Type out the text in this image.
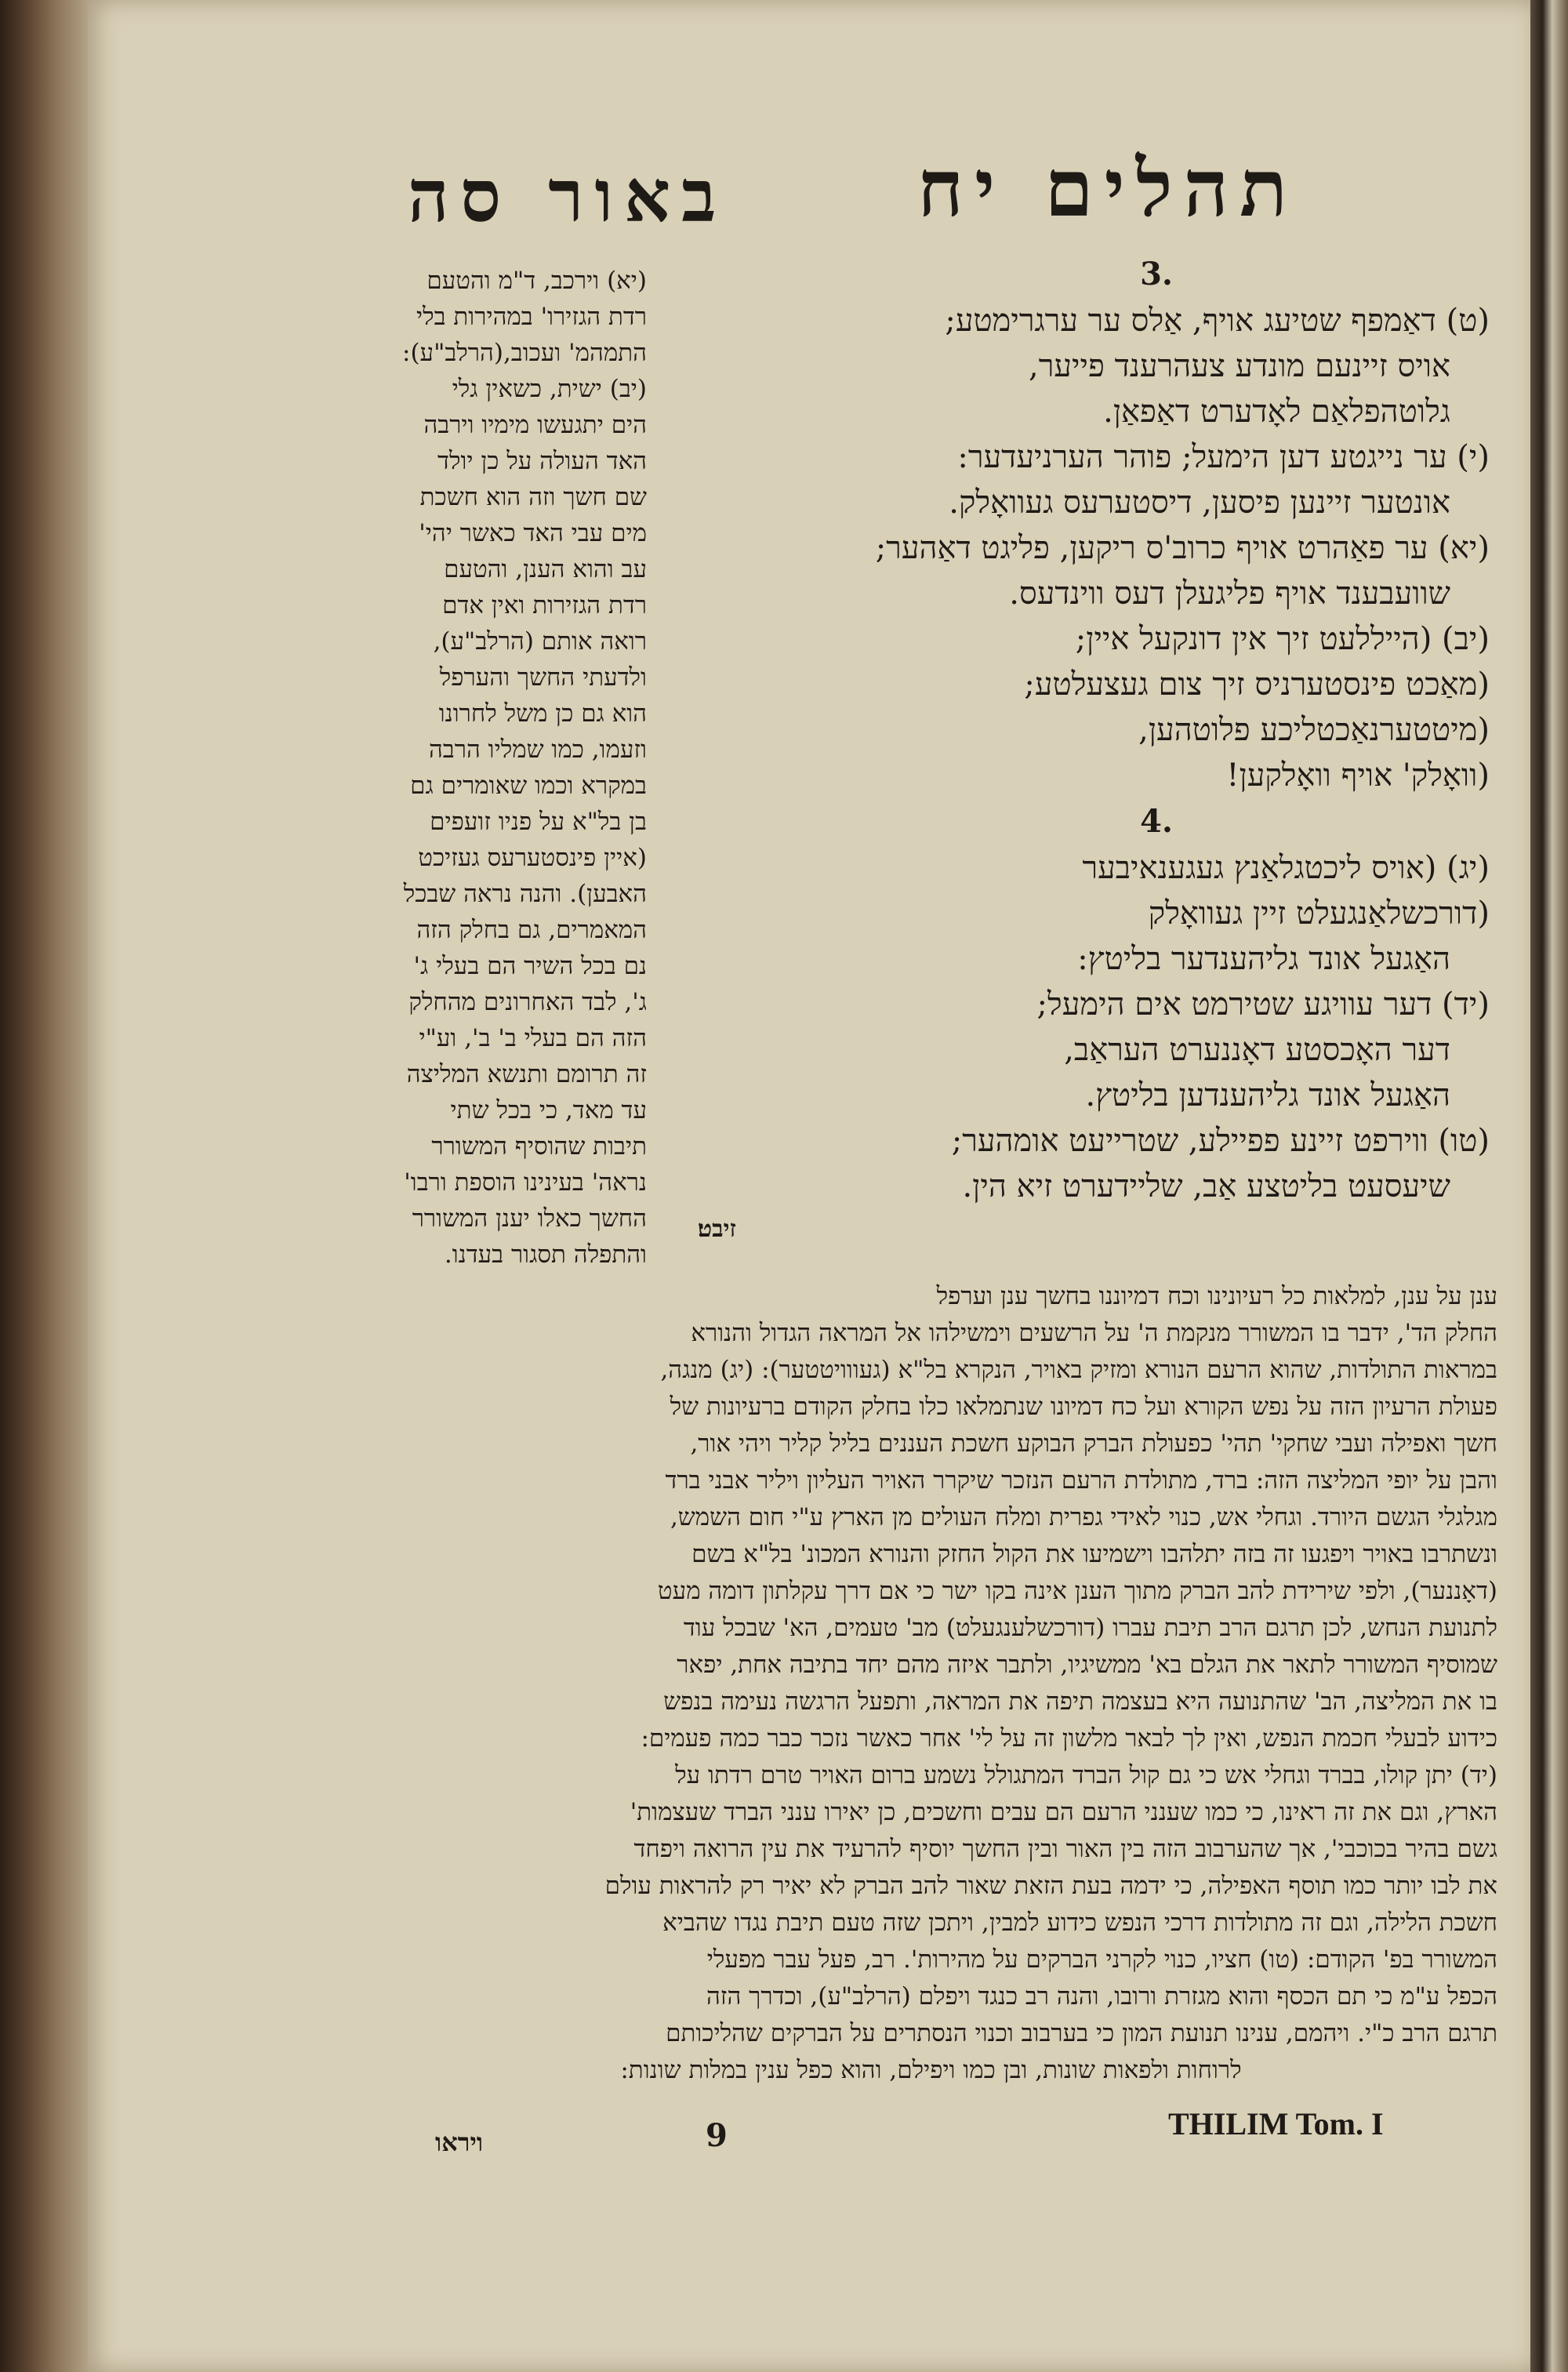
באור סה תהלים יח
3.
(ט) דאַמפף שטיעג אויף, אַלס ער ערגרימטע;
אויס זיינעם מונדע צעהרענד פייער,
גלוטהפלאַם לאָדערט דאַפאַן.
(י) ער נייגטע דען הימעל; פוהר הערניעדער:
אונטער זיינען פיסען, דיסטערעס געוואָלק.
(יא) ער פאַהרט אויף כרוב'ס ריקען, פליגט דאַהער;
שוועבענד אויף פליגעלן דעס ווינדעס.
(יב) (הייללעט זיך אין דונקעל איין;
(מאַכט פינסטערניס זיך צום געצעלטע;
(מיטטערנאַכטליכע פלוטהען,
(וואָלק' אויף וואָלקען!
4.
(יג) (אויס ליכטגלאַנץ געגענאיבער
(דורכשלאַנגעלט זיין געוואָלק
האַגעל אונד גליהענדער בליטץ:
(יד) דער עוויגע שטירמט אים הימעל;
דער האָכסטע דאָננערט העראַב,
האַגעל אונד גליהענדען בליטץ.
(טו) ווירפט זיינע פפיילע, שטרייעט אומהער;
שיעסעט בליטצע אַב, שליידערט זיא הין.
זיבט׃
(יא) וירכב, ד"מ והטעם
רדת הגזירו' במהירות בלי
התמהמ' ועכוב,(הרלב"ע):
(יב) ישית, כשאין גלי
הים יתגעשו מימיו וירבה
האד העולה על כן יולד
שם חשך וזה הוא חשכת
מים עבי האד כאשר יהי'
עב והוא הענן, והטעם
רדת הגזירות ואין אדם
רואה אותם (הרלב"ע),
ולדעתי החשך והערפל
הוא גם כן משל לחרונו
וזעמו, כמו שמליו הרבה
במקרא וכמו שאומרים גם
בן בל"א על פניו זועפים
(איין פינסטערעס געזיכט
האבען). והנה נראה שבכל
המאמרים, גם בחלק הזה
נם בכל השיר הם בעלי ג'
ג', לבד האחרונים מהחלק
הזה הם בעלי ב' ב', וע"י
זה תרומם ותנשא המליצה
עד מאד, כי בכל שתי
תיבות שהוסיף המשורר
נראה' בעינינו הוספת ורבו'
החשך כאלו יענן המשורר
והתפלה תסגור בעדנו.
ענן על ענן, למלאות כל רעיונינו וכח דמיוננו בחשך ענן וערפל
החלק הד', ידבר בו המשורר מנקמת ה' על הרשעים וימשילהו אל המראה הגדול והנורא
במראות התולדות, שהוא הרעם הנורא ומזיק באויר, הנקרא בל"א (געווויטטער): (יג) מנגה,
פעולת הרעיון הזה על נפש הקורא ועל כח דמיונו שנתמלאו כלו בחלק הקודם ברעיונות של
חשך ואפילה ועבי שחקי' תהי' כפעולת הברק הבוקע חשכת העננים בליל קליר ויהי אור,
והבן על יופי המליצה הזה: ברד, מתולדת הרעם הנזכר שיקרר האויר העליון ויליר אבני ברד
מגלגלי הגשם היורד. וגחלי אש, כנוי לאידי גפרית ומלח העולים מן הארץ ע"י חום השמש,
ונשתרבו באויר ויפגעו זה בזה יתלהבו וישמיעו את הקול החזק והנורא המכונ' בל"א בשם
(דאָננער), ולפי שירידת להב הברק מתוך הענן אינה בקו ישר כי אם דרך עקלתון דומה מעט
לתנועת הנחש, לכן תרגם הרב תיבת עברו (דורכשלענגעלט) מב' טעמים, הא' שבכל עוד
שמוסיף המשורר לתאר את הגלם בא' ממשיגיו, ולתבר איזה מהם יחד בתיבה אחת, יפאר
בו את המליצה, הב' שהתנועה היא בעצמה תיפה את המראה, ותפעל הרגשה נעימה בנפש
כידוע לבעלי חכמת הנפש, ואין לך לבאר מלשון זה על לי' אחר כאשר נזכר כבר כמה פעמים:
(יד) יתן קולו, בברד וגחלי אש כי גם קול הברד המתגולל נשמע ברום האויר טרם רדתו על
הארץ, וגם את זה ראינו, כי כמו שענני הרעם הם עבים וחשכים, כן יאירו ענני הברד שעצמות'
גשם בהיר בכוכבי', אך שהערבוב הזה בין האור ובין החשך יוסיף להרעיד את עין הרואה ויפחד
את לבו יותר כמו תוסף האפילה, כי ידמה בעת הזאת שאור להב הברק לא יאיר רק להראות עולם
חשכת הלילה, וגם זה מתולדות דרכי הנפש כידוע למבין, ויתכן שזה טעם תיבת נגדו שהביא
המשורר בפ' הקודם: (טו) חציו, כנוי לקרני הברקים על מהירות'. רב, פעל עבר מפעלי
הכפל ע"מ כי תם הכסף והוא מגזרת ורובו, והנה רב כנגד ויפלם (הרלב"ע), וכדרך הזה
תרגם הרב כ"י. ויהמם, ענינו תנועת המון כי בערבוב וכנוי הנסתרים על הברקים שהליכותם
לרוחות ולפאות שונות, ובן כמו ויפילם, והוא כפל ענין במלות שונות:
ויראו	9	THILIM Tom. I
